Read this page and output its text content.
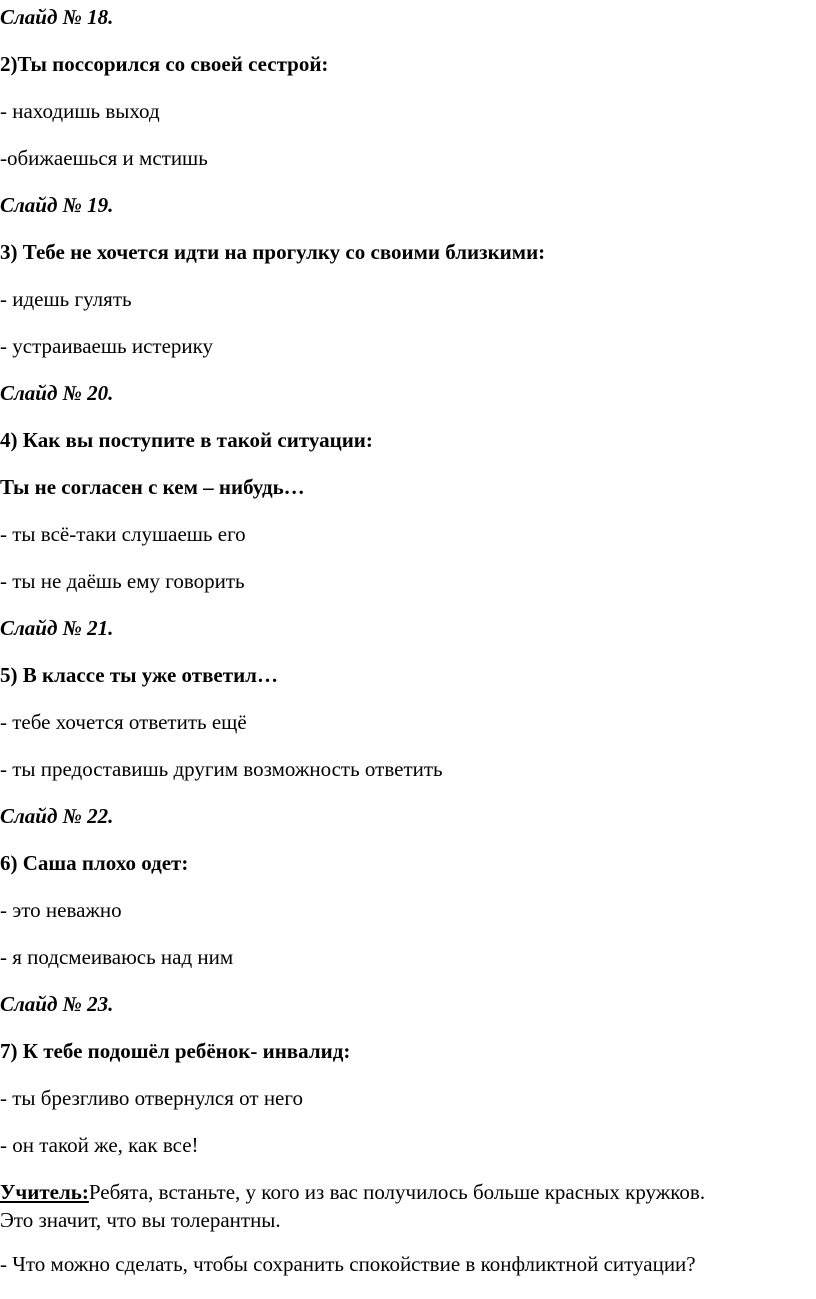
Слайд № 18.
2)Ты поссорился со своей сестрой:
- находишь выход
-обижаешься и мстишь
Слайд № 19.
3) Тебе не хочется идти на прогулку со своими близкими:
- идешь гулять
- устраиваешь истерику
Слайд № 20.
4) Как вы поступите в такой ситуации:
Ты не согласен с кем – нибудь…
- ты всё-таки слушаешь его
- ты не даёшь ему говорить
Слайд № 21.
5) В классе ты уже ответил…
- тебе хочется ответить ещё
- ты предоставишь другим возможность ответить
Слайд № 22.
6) Саша плохо одет:
- это неважно
- я подсмеиваюсь над ним
Слайд № 23.
7) К тебе подошёл ребёнок- инвалид:
- ты брезгливо отвернулся от него
- он такой же, как все!
Учитель:Ребята, встаньте, у кого из вас получилось больше красных кружков.
Это значит, что вы толерантны.
- Что можно сделать, чтобы сохранить спокойствие в конфликтной ситуации?
